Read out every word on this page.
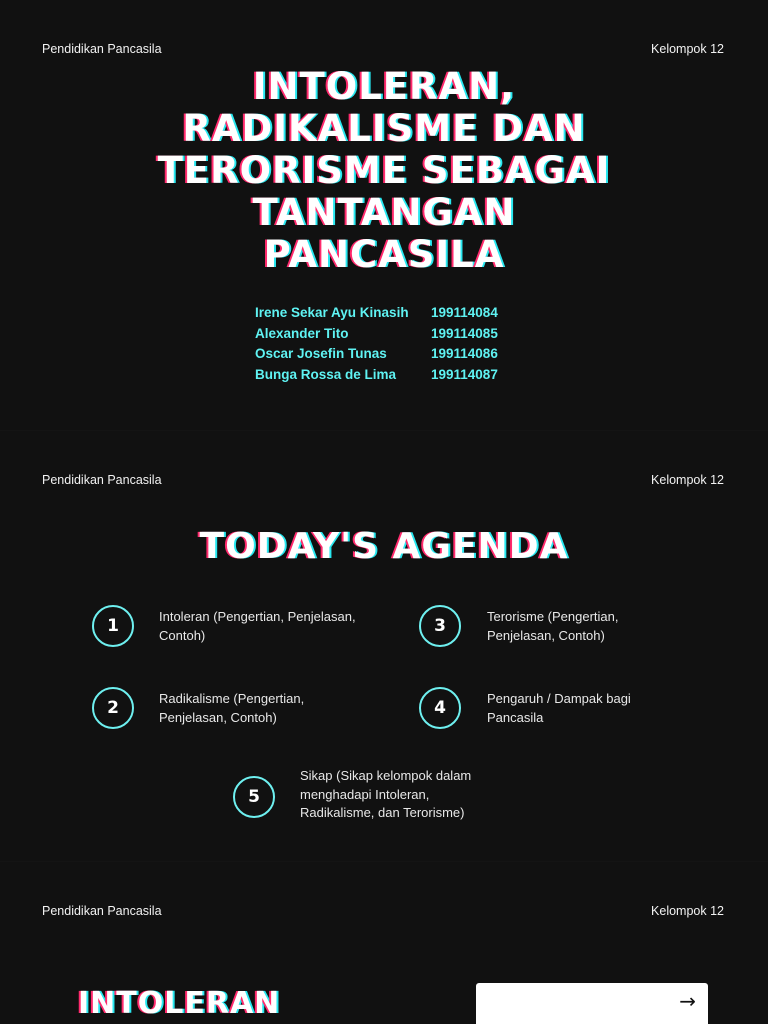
Pendidikan Pancasila	Kelompok 12
INTOLERAN,
RADIKALISME DAN
TERORISME SEBAGAI
TANTANGAN
PANCASILA
Irene Sekar Ayu Kinasih	199114084
Alexander Tito	199114085
Oscar Josefin Tunas	199114086
Bunga Rossa de Lima	199114087
Pendidikan Pancasila	Kelompok 12
TODAY'S AGENDA
1	Intoleran (Pengertian, Penjelasan, Contoh)
2	Radikalisme (Pengertian, Penjelasan, Contoh)
3	Terorisme (Pengertian, Penjelasan, Contoh)
4	Pengaruh / Dampak bagi Pancasila
5
Sikap (Sikap kelompok dalam menghadapi Intoleran, Radikalisme, dan Terorisme)
Pendidikan Pancasila	Kelompok 12
INTOLERAN	→
